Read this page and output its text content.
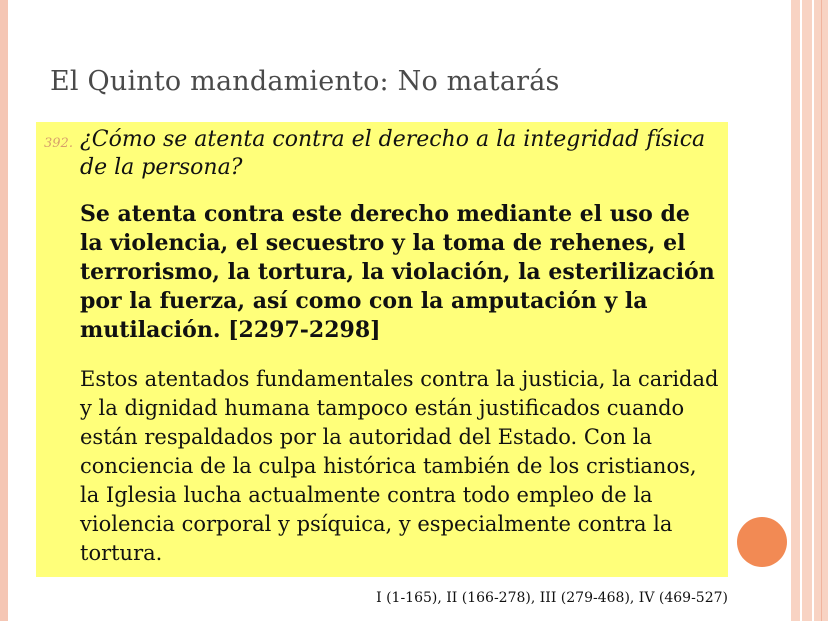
El Quinto mandamiento: No matarás
392. ¿Cómo se atenta contra el derecho a la integridad física de la persona?
Se atenta contra este derecho mediante el uso de la violencia, el secuestro y la toma de rehenes, el terrorismo, la tortura, la violación, la esterilización por la fuerza, así como con la amputación y la mutilación. [2297-2298]
Estos atentados fundamentales contra la justicia, la caridad y la dignidad humana tampoco están justificados cuando están respaldados por la autoridad del Estado. Con la conciencia de la culpa histórica también de los cristianos, la Iglesia lucha actualmente contra todo empleo de la violencia corporal y psíquica, y especialmente contra la tortura.
I (1-165), II (166-278), III (279-468), IV (469-527)
